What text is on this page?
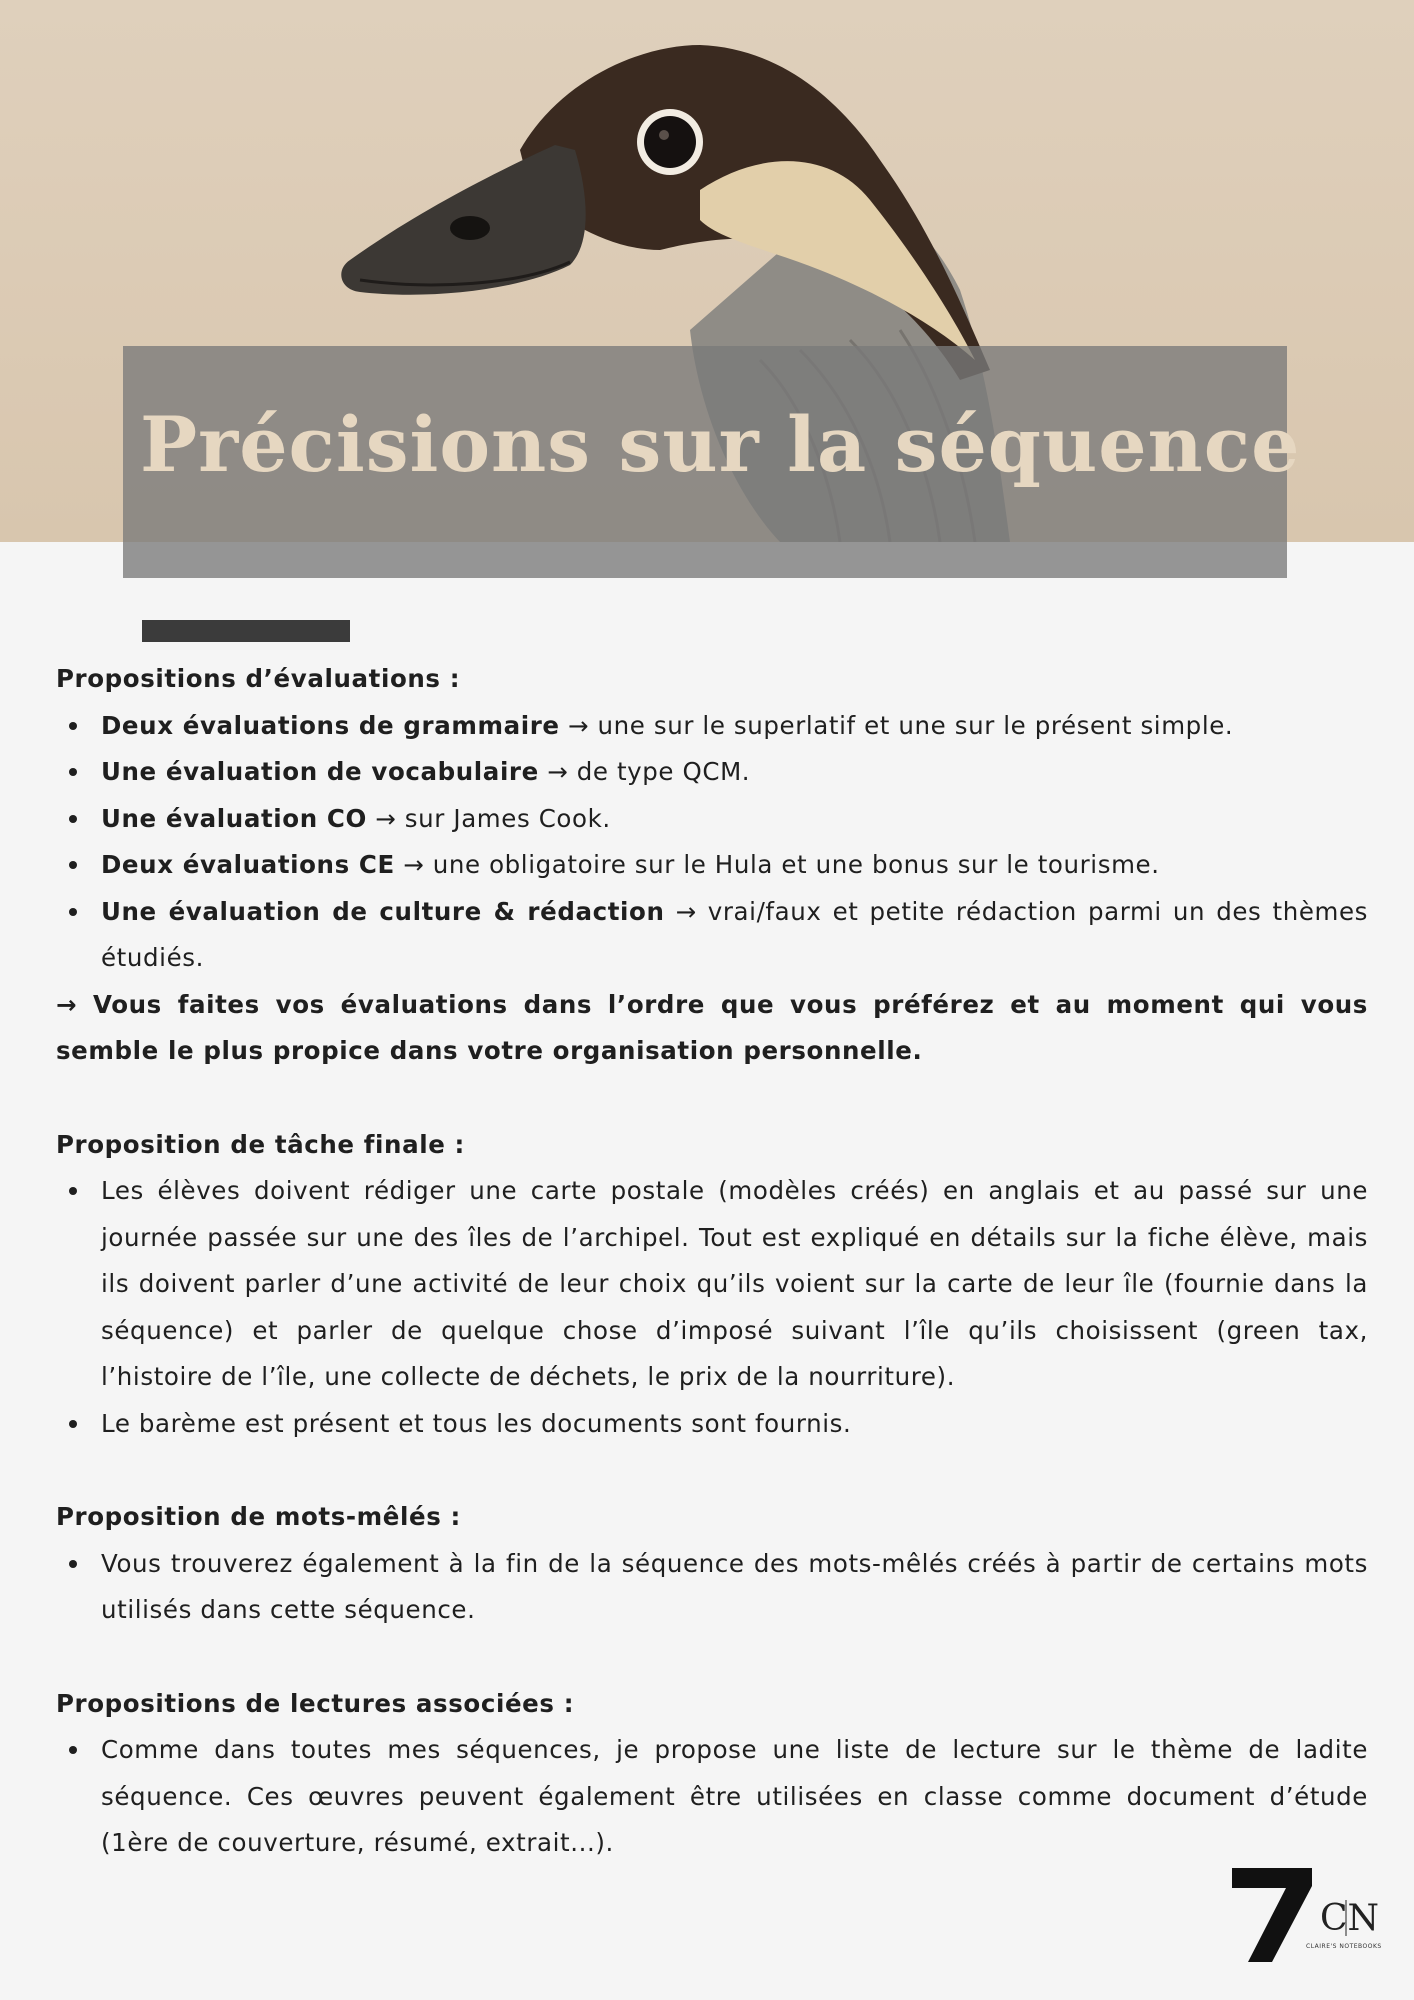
Précisions sur la séquence

Propositions d’évaluations :

Deux évaluations de grammaire → une sur le superlatif et une sur le présent simple.
Une évaluation de vocabulaire → de type QCM.
Une évaluation CO → sur James Cook.
Deux évaluations CE → une obligatoire sur le Hula et une bonus sur le tourisme.
Une évaluation de culture & rédaction → vrai/faux et petite rédaction parmi un des thèmes étudiés.

→ Vous faites vos évaluations dans l’ordre que vous préférez et au moment qui vous semble le plus propice dans votre organisation personnelle.

Proposition de tâche finale :

Les élèves doivent rédiger une carte postale (modèles créés) en anglais et au passé sur une journée passée sur une des îles de l’archipel. Tout est expliqué en détails sur la fiche élève, mais ils doivent parler d’une activité de leur choix qu’ils voient sur la carte de leur île (fournie dans la séquence) et parler de quelque chose d’imposé suivant l’île qu’ils choisissent (green tax, l’histoire de l’île, une collecte de déchets, le prix de la nourriture).
Le barème est présent et tous les documents sont fournis.

Proposition de mots-mêlés :

Vous trouverez également à la fin de la séquence des mots-mêlés créés à partir de certains mots utilisés dans cette séquence.

Propositions de lectures associées :

Comme dans toutes mes séquences, je propose une liste de lecture sur le thème de ladite séquence. Ces œuvres peuvent également être utilisées en classe comme document d’étude (1ère de couverture, résumé, extrait...).
CN
CLAIRE'S NOTEBOOKS
